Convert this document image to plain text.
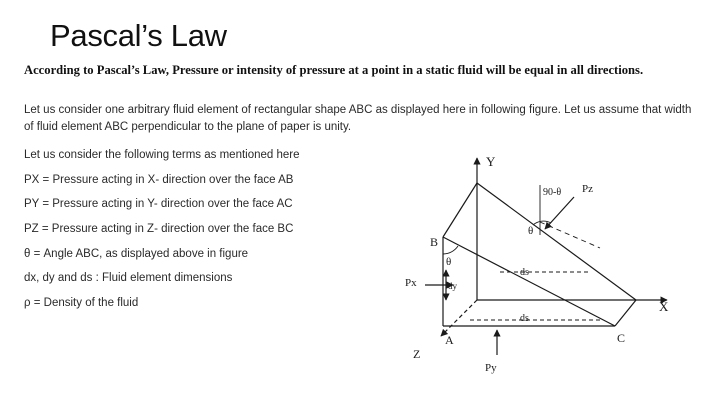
Pascal’s Law
According to Pascal’s Law, Pressure or intensity of pressure at a point in a static fluid will be equal in all directions.
Let us consider one arbitrary fluid element of rectangular shape ABC as displayed here in following figure. Let us assume that width of fluid element ABC perpendicular to the plane of paper is unity.
Let us consider the following terms as mentioned here
PX = Pressure acting in X- direction over the face AB
PY = Pressure acting in Y- direction over the face AC
PZ = Pressure acting in Z- direction over the face BC
θ = Angle ABC, as displayed above in figure
dx, dy and ds : Fluid element dimensions
ρ = Density of the fluid
Y
X
Z
A
B
C
Px
Py
Pz
90-θ
θ
θ
ds
ds
dy
